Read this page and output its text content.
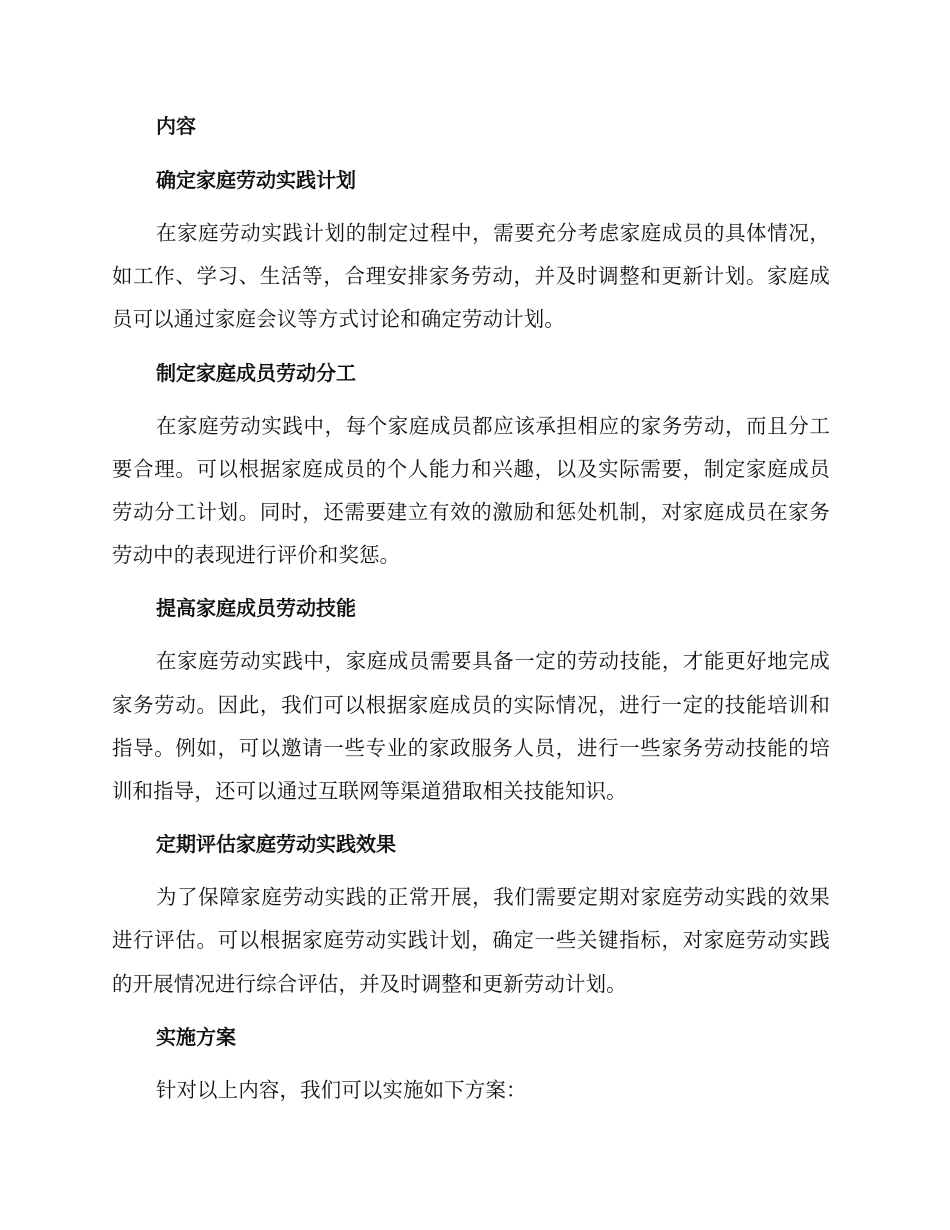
内容
确定家庭劳动实践计划

在家庭劳动实践计划的制定过程中，需要充分考虑家庭成员的具体情况，如工作、学习、生活等，合理安排家务劳动，并及时调整和更新计划。家庭成员可以通过家庭会议等方式讨论和确定劳动计划。

制定家庭成员劳动分工

在家庭劳动实践中，每个家庭成员都应该承担相应的家务劳动，而且分工要合理。可以根据家庭成员的个人能力和兴趣，以及实际需要，制定家庭成员劳动分工计划。同时，还需要建立有效的激励和惩处机制，对家庭成员在家务劳动中的表现进行评价和奖惩。

提高家庭成员劳动技能

在家庭劳动实践中，家庭成员需要具备一定的劳动技能，才能更好地完成家务劳动。因此，我们可以根据家庭成员的实际情况，进行一定的技能培训和指导。例如，可以邀请一些专业的家政服务人员，进行一些家务劳动技能的培训和指导，还可以通过互联网等渠道猎取相关技能知识。

定期评估家庭劳动实践效果

为了保障家庭劳动实践的正常开展，我们需要定期对家庭劳动实践的效果进行评估。可以根据家庭劳动实践计划，确定一些关键指标，对家庭劳动实践的开展情况进行综合评估，并及时调整和更新劳动计划。

实施方案

针对以上内容，我们可以实施如下方案：
